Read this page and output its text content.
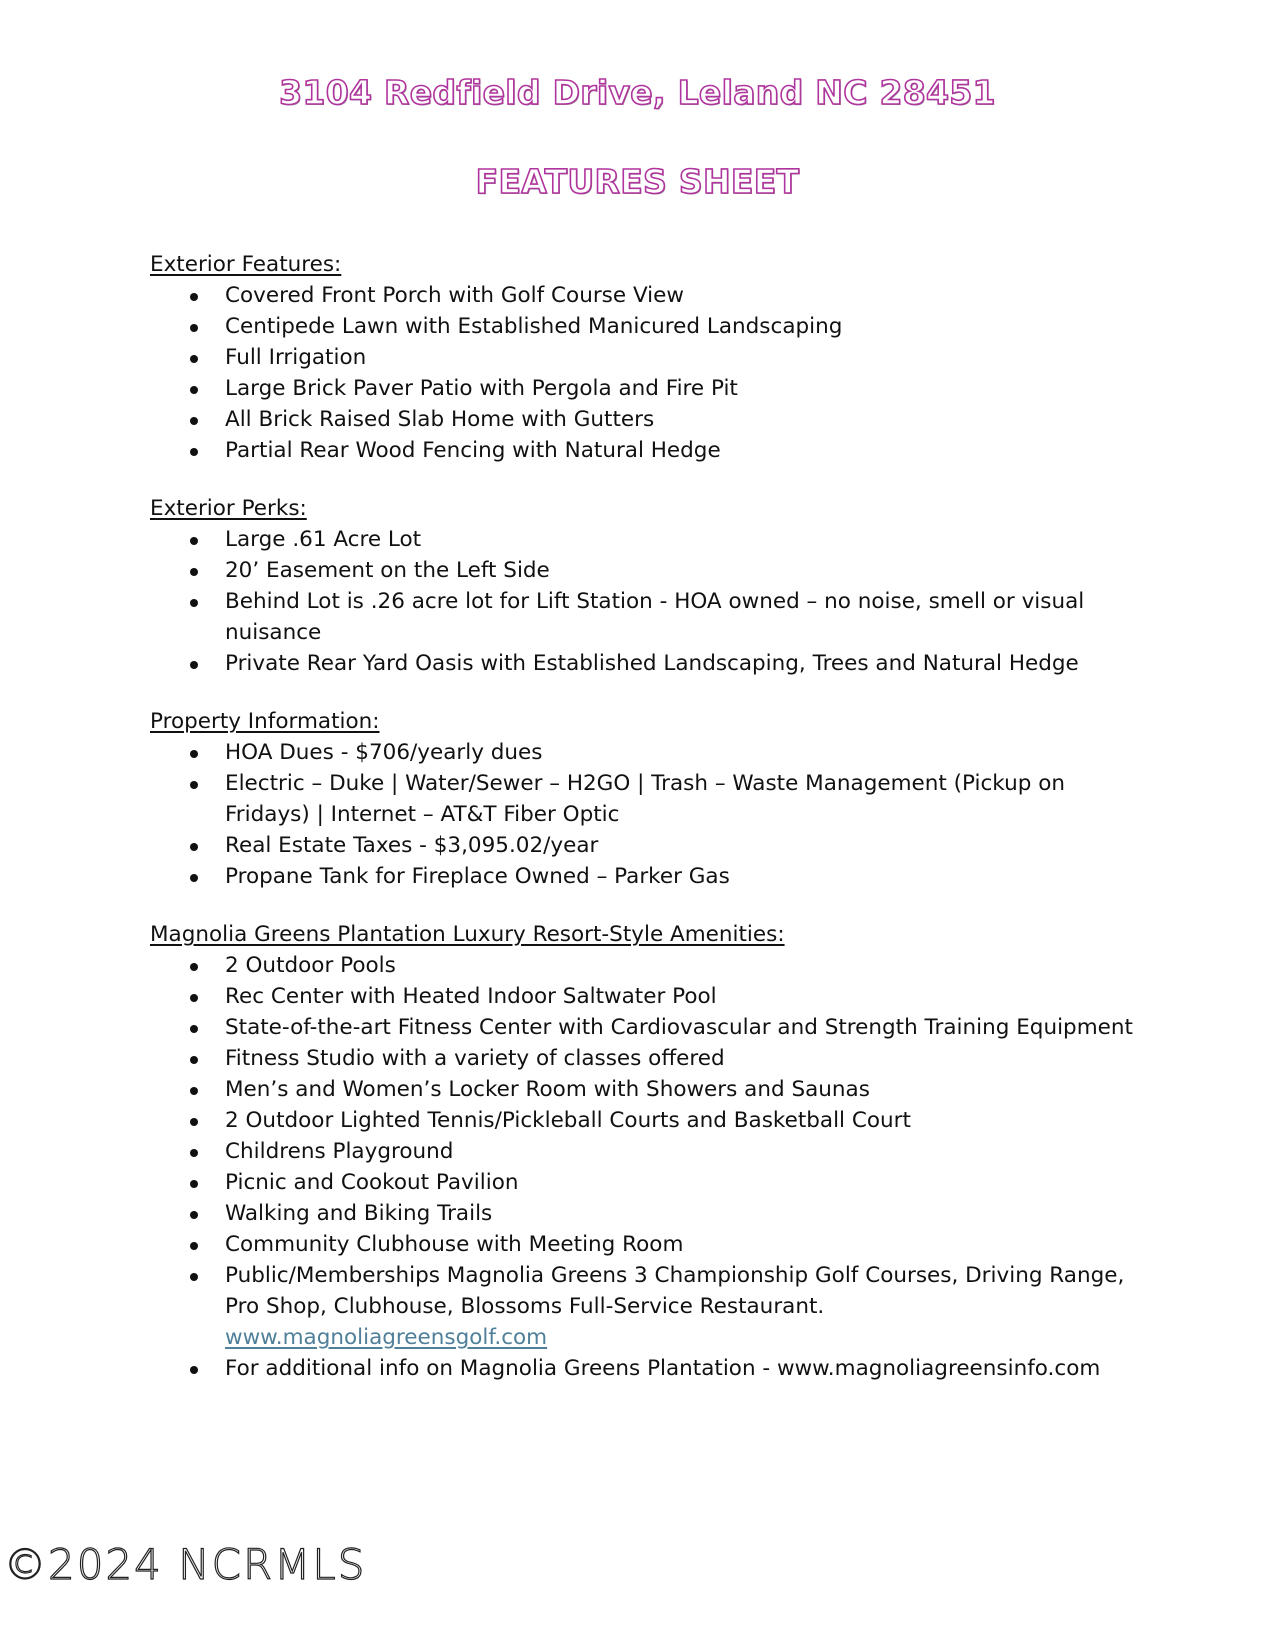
3104 Redfield Drive, Leland NC 28451
FEATURES SHEET

Exterior Features:

Covered Front Porch with Golf Course View
Centipede Lawn with Established Manicured Landscaping
Full Irrigation
Large Brick Paver Patio with Pergola and Fire Pit
All Brick Raised Slab Home with Gutters
Partial Rear Wood Fencing with Natural Hedge

Exterior Perks:

Large .61 Acre Lot
20’ Easement on the Left Side
Behind Lot is .26 acre lot for Lift Station - HOA owned – no noise, smell or visual nuisance
Private Rear Yard Oasis with Established Landscaping, Trees and Natural Hedge

Property Information:

HOA Dues - $706/yearly dues
Electric – Duke | Water/Sewer – H2GO | Trash – Waste Management (Pickup on Fridays) | Internet – AT&T Fiber Optic
Real Estate Taxes - $3,095.02/year
Propane Tank for Fireplace Owned – Parker Gas

Magnolia Greens Plantation Luxury Resort-Style Amenities:

2 Outdoor Pools
Rec Center with Heated Indoor Saltwater Pool
State-of-the-art Fitness Center with Cardiovascular and Strength Training Equipment
Fitness Studio with a variety of classes offered
Men’s and Women’s Locker Room with Showers and Saunas
2 Outdoor Lighted Tennis/Pickleball Courts and Basketball Court
Childrens Playground
Picnic and Cookout Pavilion
Walking and Biking Trails
Community Clubhouse with Meeting Room
Public/Memberships Magnolia Greens 3 Championship Golf Courses, Driving Range, Pro Shop, Clubhouse, Blossoms Full-Service Restaurant.
www.magnoliagreensgolf.com
For additional info on Magnolia Greens Plantation - www.magnoliagreensinfo.com
©2024 NCRMLS
